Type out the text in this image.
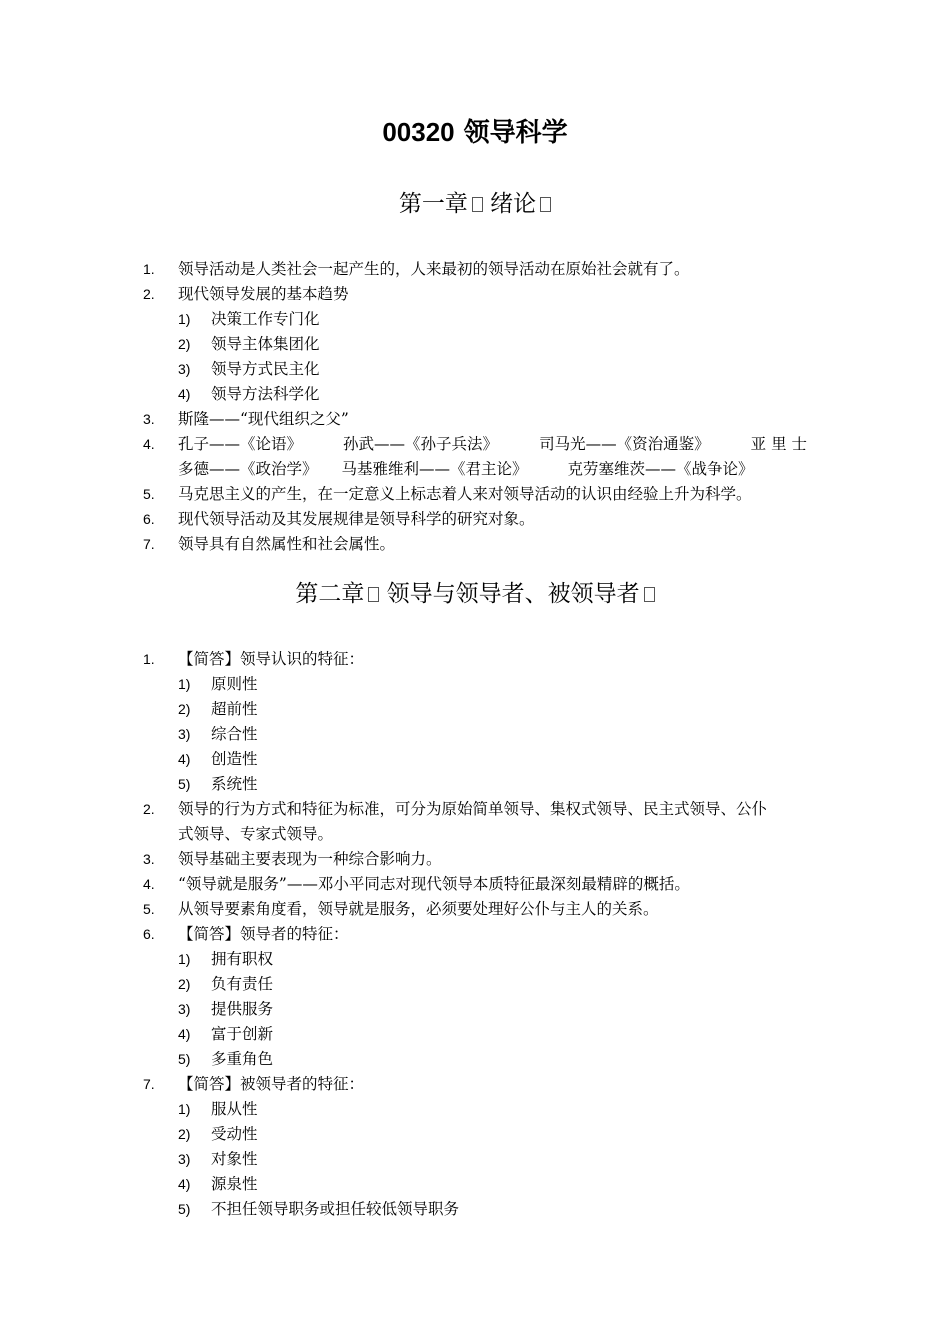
00320 领导科学
第一章 绪论
1. 领导活动是人类社会一起产生的，人来最初的领导活动在原始社会就有了。
2. 现代领导发展的基本趋势
1) 决策工作专门化
2) 领导主体集团化
3) 领导方式民主化
4) 领导方法科学化
3. 斯隆——“现代组织之父”
4. 孔子——《论语》	孙武——《孙子兵法》	司马光——《资治通鉴》	亚 里 士
多德——《政治学》 马基雅维利——《君主论》	克劳塞维茨——《战争论》
5. 马克思主义的产生，在一定意义上标志着人来对领导活动的认识由经验上升为科学。
6. 现代领导活动及其发展规律是领导科学的研究对象。
7. 领导具有自然属性和社会属性。
第二章 领导与领导者、被领导者
1. 【简答】领导认识的特征：
1) 原则性
2) 超前性
3) 综合性
4) 创造性
5) 系统性
2. 领导的行为方式和特征为标准，可分为原始简单领导、集权式领导、民主式领导、公仆
式领导、专家式领导。
3. 领导基础主要表现为一种综合影响力。
4. “领导就是服务”——邓小平同志对现代领导本质特征最深刻最精辟的概括。
5. 从领导要素角度看，领导就是服务，必须要处理好公仆与主人的关系。
6. 【简答】领导者的特征：
1) 拥有职权
2) 负有责任
3) 提供服务
4) 富于创新
5) 多重角色
7. 【简答】被领导者的特征：
1) 服从性
2) 受动性
3) 对象性
4) 源泉性
5) 不担任领导职务或担任较低领导职务
